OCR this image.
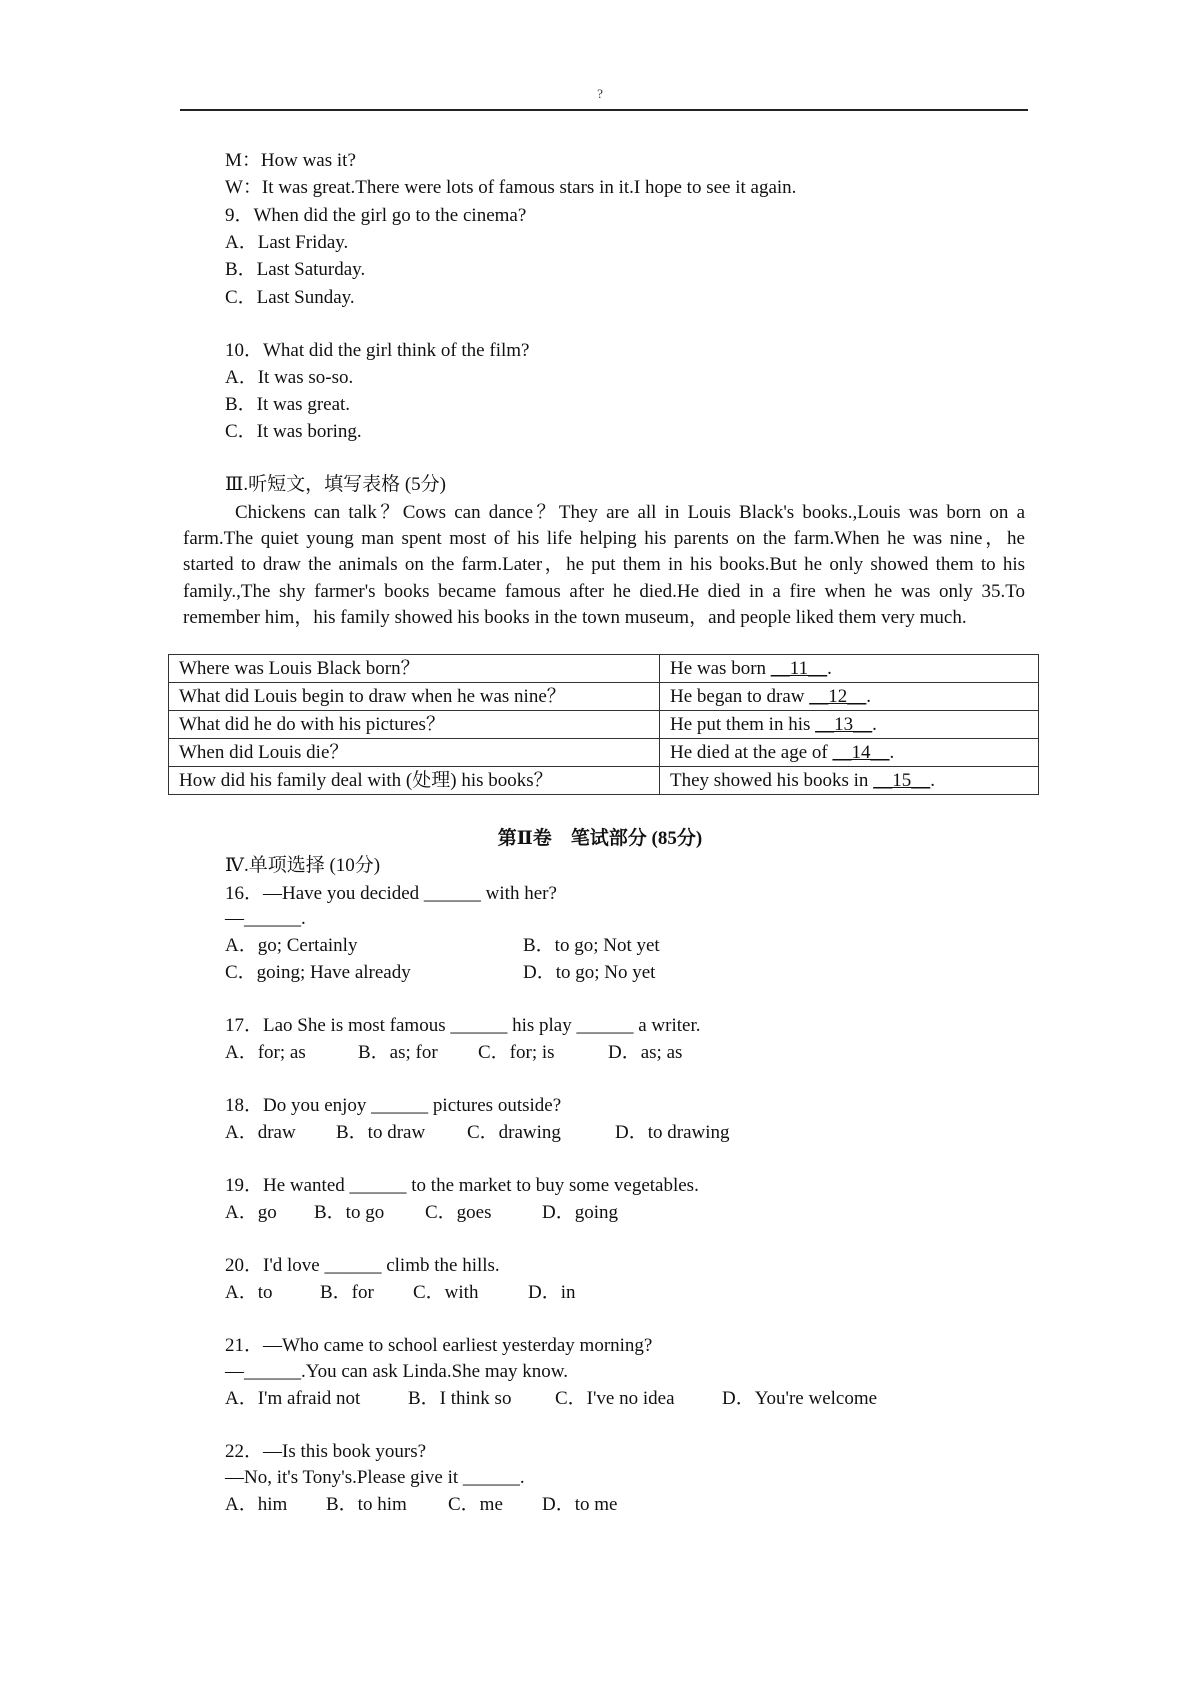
?
M：How was it?
W：It was great.There were lots of famous stars in it.I hope to see it again.
9．When did the girl go to the cinema?
A．Last Friday.
B．Last Saturday.
C．Last Sunday.
10．What did the girl think of the film?
A．It was so-so.
B．It was great.
C．It was boring.
Ⅲ.听短文，填写表格 (5分)
Chickens can talk？Cows can dance？They are all in Louis Black's books.,Louis was born on a farm.The quiet young man spent most of his life helping his parents on the farm.When he was nine，he started to draw the animals on the farm.Later，he put them in his books.But he only showed them to his family.,The shy farmer's books became famous after he died.He died in a fire when he was only 35.To remember him，his family showed his books in the town museum，and people liked them very much.
Where was Louis Black born？	He was born __11__.
What did Louis begin to draw when he was nine？	He began to draw __12__.
What did he do with his pictures？	He put them in his __13__.
When did Louis die？	He died at the age of __14__.
How did his family deal with (处理) his books？	They showed his books in __15__.
第Ⅱ卷　笔试部分 (85分)
Ⅳ.单项选择 (10分)
16．—Have you decided ______ with her?
—______.
A．go; Certainly	B．to go; Not yet
C．going; Have already	D．to go; No yet
17．Lao She is most famous ______ his play ______ a writer.
A．for; as	B．as; for C．for; is	D．as; as
18．Do you enjoy ______ pictures outside?
A．draw B．to draw C．drawing	D．to drawing
19．He wanted ______ to the market to buy some vegetables.
A．go B．to go C．goes	D．going
20．I'd love ______ climb the hills.
A．to B．for C．with	D．in
21．—Who came to school earliest yesterday morning?
—______.You can ask Linda.She may know.
A．I'm afraid not	B．I think so C．I've no idea D．You're welcome
22．—Is this book yours?
—No, it's Tony's.Please give it ______.
A．him B．to him C．me D．to me
